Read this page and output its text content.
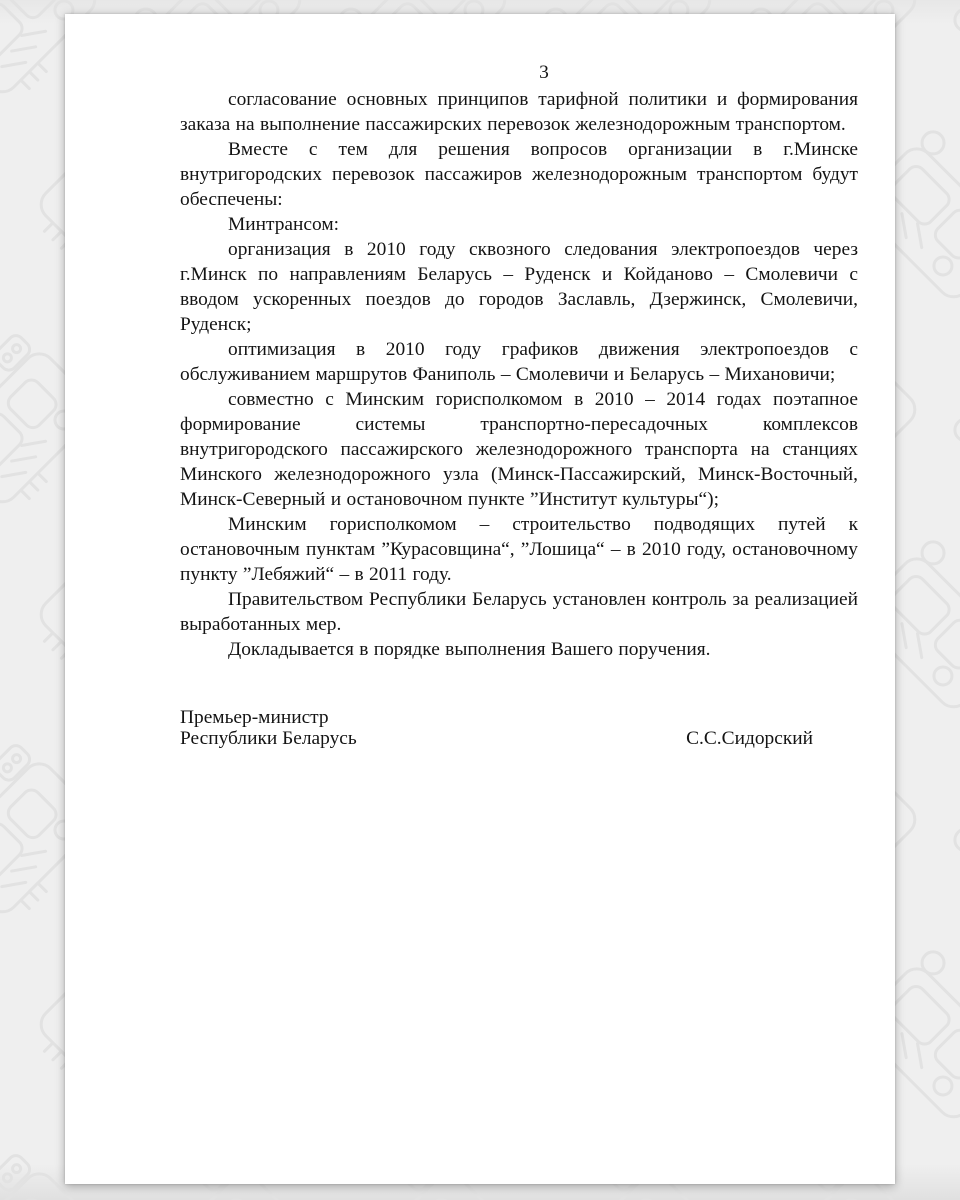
3

согласование основных принципов тарифной политики и формирования заказа на выполнение пассажирских перевозок железнодорожным транспортом.

Вместе с тем для решения вопросов организации в г.Минске внутригородских перевозок пассажиров железнодорожным транспортом будут обеспечены:

Минтрансом:

организация в 2010 году сквозного следования электропоездов через г.Минск по направлениям Беларусь – Руденск и Койданово – Смолевичи с вводом ускоренных поездов до городов Заславль, Дзержинск, Смолевичи, Руденск;

оптимизация в 2010 году графиков движения электропоездов с обслуживанием маршрутов Фаниполь – Смолевичи и Беларусь – Михановичи;

совместно с Минским горисполкомом в 2010 – 2014 годах поэтапное формирование системы транспортно-пересадочных комплексов внутригородского пассажирского железнодорожного транспорта на станциях Минского железнодорожного узла (Минск-Пассажирский, Минск-Восточный, Минск-Северный и остановочном пункте ”Институт культуры“);

Минским горисполкомом – строительство подводящих путей к остановочным пунктам ”Курасовщина“, ”Лошица“ – в 2010 году, остановочному пункту ”Лебяжий“ – в 2011 году.

Правительством Республики Беларусь установлен контроль за реализацией выработанных мер.

Докладывается в порядке выполнения Вашего поручения.

Премьер-министр
Республики Беларусь	С.С.Сидорский
